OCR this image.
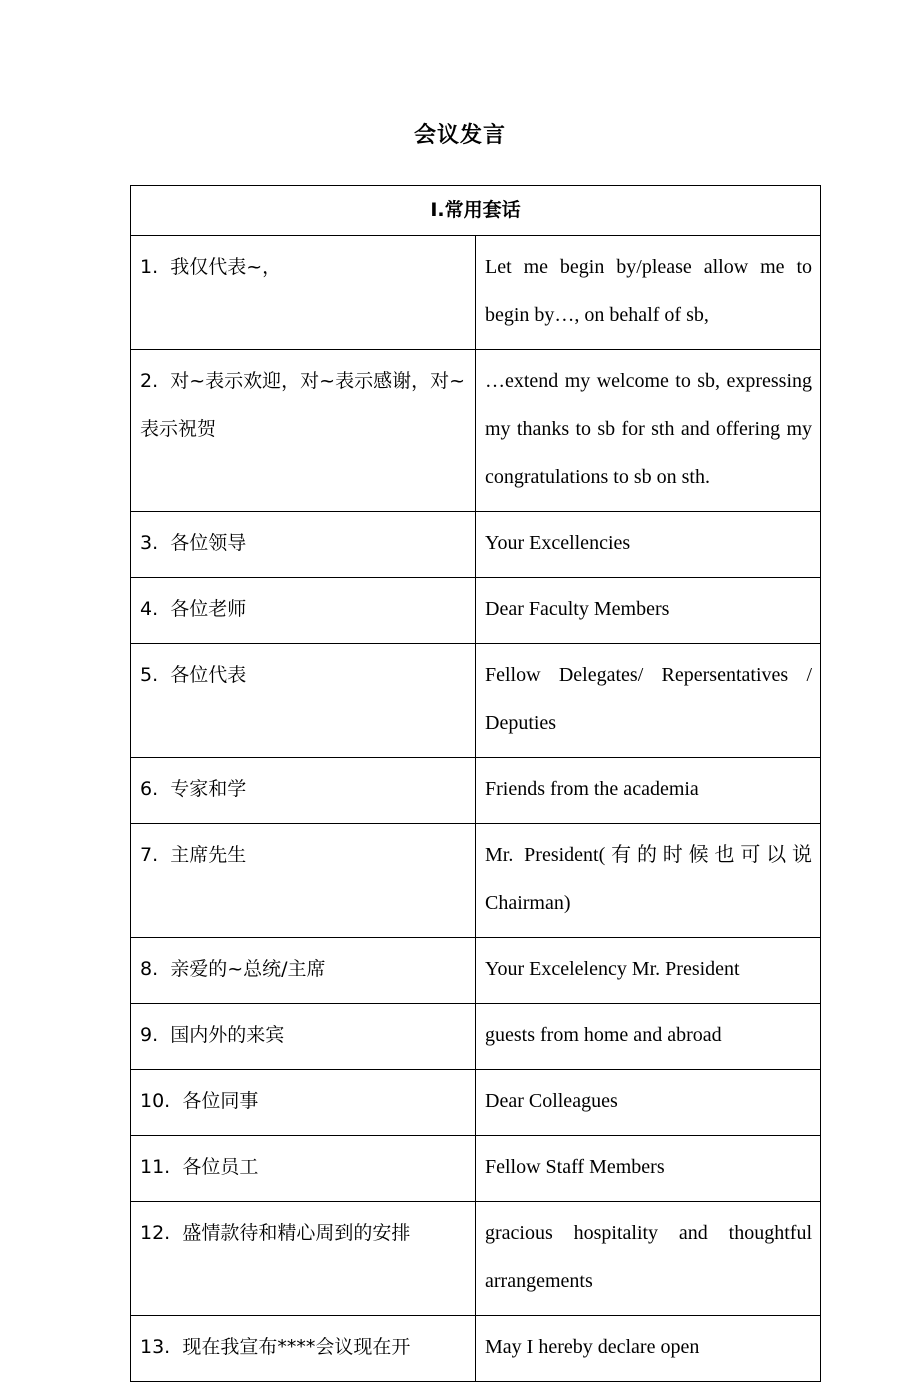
会议发言
Ⅰ.常用套话	
1. 我仅代表~，	Let me begin by/please allow me to begin by…, on behalf of sb,
2. 对~表示欢迎，对~表示感谢，对~表示祝贺	…extend my welcome to sb, expressing my thanks to sb for sth and offering my congratulations to sb on sth.
3. 各位领导	Your Excellencies
4. 各位老师	Dear Faculty Members
5. 各位代表	Fellow Delegates/ Repersentatives / Deputies
6. 专家和学	Friends from the academia
7. 主席先生	Mr. President(有的时候也可以说Chairman)
8. 亲爱的~总统/主席	Your Excelelency Mr. President
9. 国内外的来宾	guests from home and abroad
10. 各位同事	Dear Colleagues
11. 各位员工	Fellow Staff Members
12. 盛情款待和精心周到的安排	gracious hospitality and thoughtful arrangements
13. 现在我宣布****会议现在开	May I hereby declare open
